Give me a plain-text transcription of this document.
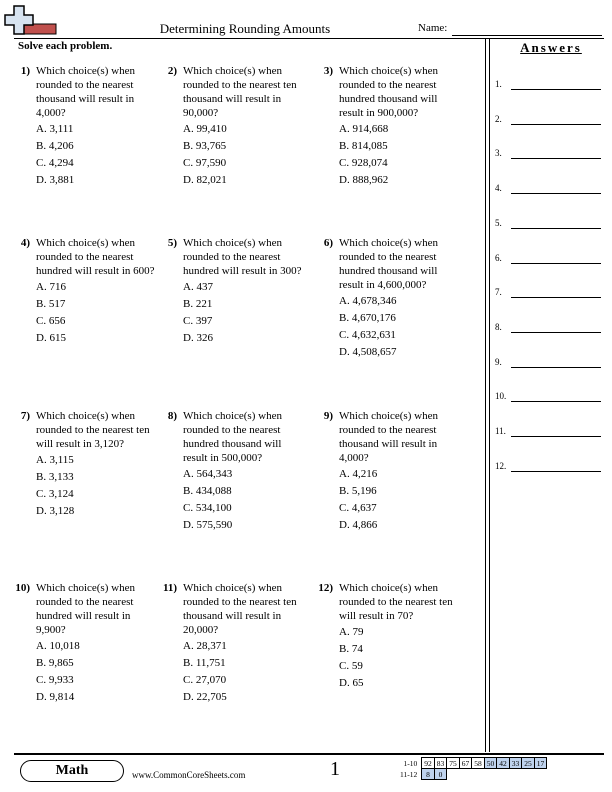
Determining Rounding Amounts	Name:
Solve each problem.	Answers
1.
2.
3.
4.
5.
6.
7.
8.
9.
10.
11.
12.
1) Which choice(s) when rounded to the nearest thousand will result in 4,000?
A. 3,111
B. 4,206
C. 4,294
D. 3,881
2) Which choice(s) when rounded to the nearest ten thousand will result in 90,000?
A. 99,410
B. 93,765
C. 97,590
D. 82,021
3) Which choice(s) when rounded to the nearest hundred thousand will result in 900,000?
A. 914,668
B. 814,085
C. 928,074
D. 888,962
4) Which choice(s) when rounded to the nearest hundred will result in 600?
A. 716
B. 517
C. 656
D. 615
5) Which choice(s) when rounded to the nearest hundred will result in 300?
A. 437
B. 221
C. 397
D. 326
6) Which choice(s) when rounded to the nearest hundred thousand will result in 4,600,000?
A. 4,678,346
B. 4,670,176
C. 4,632,631
D. 4,508,657
7) Which choice(s) when rounded to the nearest ten will result in 3,120?
A. 3,115
B. 3,133
C. 3,124
D. 3,128
8) Which choice(s) when rounded to the nearest hundred thousand will result in 500,000?
A. 564,343
B. 434,088
C. 534,100
D. 575,590
9) Which choice(s) when rounded to the nearest thousand will result in 4,000?
A. 4,216
B. 5,196
C. 4,637
D. 4,866
10) Which choice(s) when rounded to the nearest hundred will result in 9,900?
A. 10,018
B. 9,865
C. 9,933
D. 9,814
11) Which choice(s) when rounded to the nearest ten thousand will result in 20,000?
A. 28,371
B. 11,751
C. 27,070
D. 22,705
12) Which choice(s) when rounded to the nearest ten will result in 70?
A. 79
B. 74
C. 59
D. 65
Math	www.CommonCoreSheets.com	1	1-10	92	83	75	67	58	50	42	33	25	17
11-12	8	0								
